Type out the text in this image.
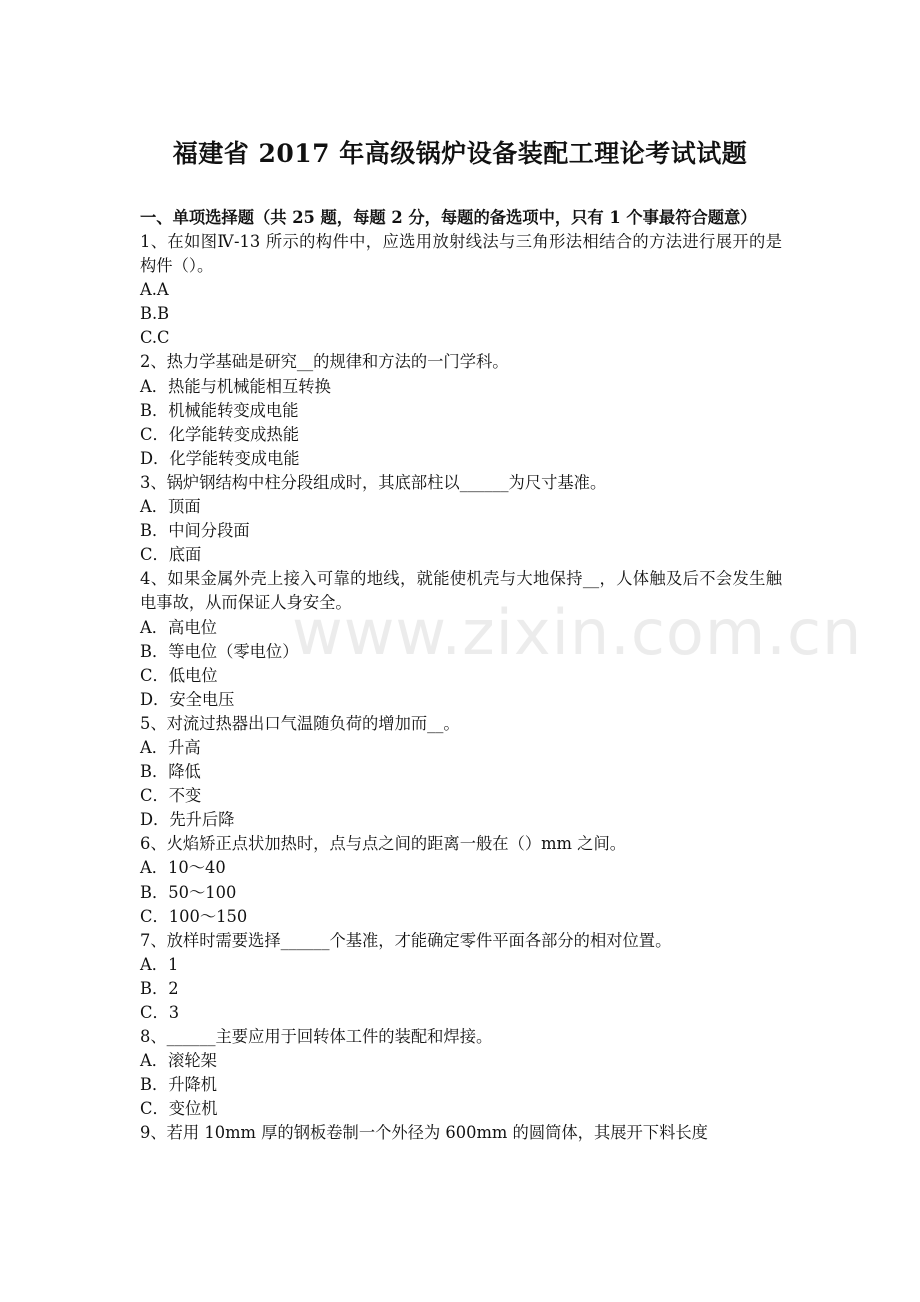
福建省 2017 年高级锅炉设备装配工理论考试试题
www.zixin.com.cn
一、单项选择题（共 25 题，每题 2 分，每题的备选项中，只有 1 个事最符合题意）
1、在如图Ⅳ-13 所示的构件中，应选用放射线法与三角形法相结合的方法进行展开的是构件（）。
A.A
B.B
C.C
2、热力学基础是研究__的规律和方法的一门学科。
A．热能与机械能相互转换
B．机械能转变成电能
C．化学能转变成热能
D．化学能转变成电能
3、锅炉钢结构中柱分段组成时，其底部柱以______为尺寸基准。
A．顶面
B．中间分段面
C．底面
4、如果金属外壳上接入可靠的地线，就能使机壳与大地保持__，人体触及后不会发生触电事故，从而保证人身安全。
A．高电位
B．等电位（零电位）
C．低电位
D．安全电压
5、对流过热器出口气温随负荷的增加而__。
A．升高
B．降低
C．不变
D．先升后降
6、火焰矫正点状加热时，点与点之间的距离一般在（）mm 之间。
A．10～40
B．50～100
C．100～150
7、放样时需要选择______个基准，才能确定零件平面各部分的相对位置。
A．1
B．2
C．3
8、______主要应用于回转体工件的装配和焊接。
A．滚轮架
B．升降机
C．变位机
9、若用 10mm 厚的钢板卷制一个外径为 600mm 的圆筒体，其展开下料长度
